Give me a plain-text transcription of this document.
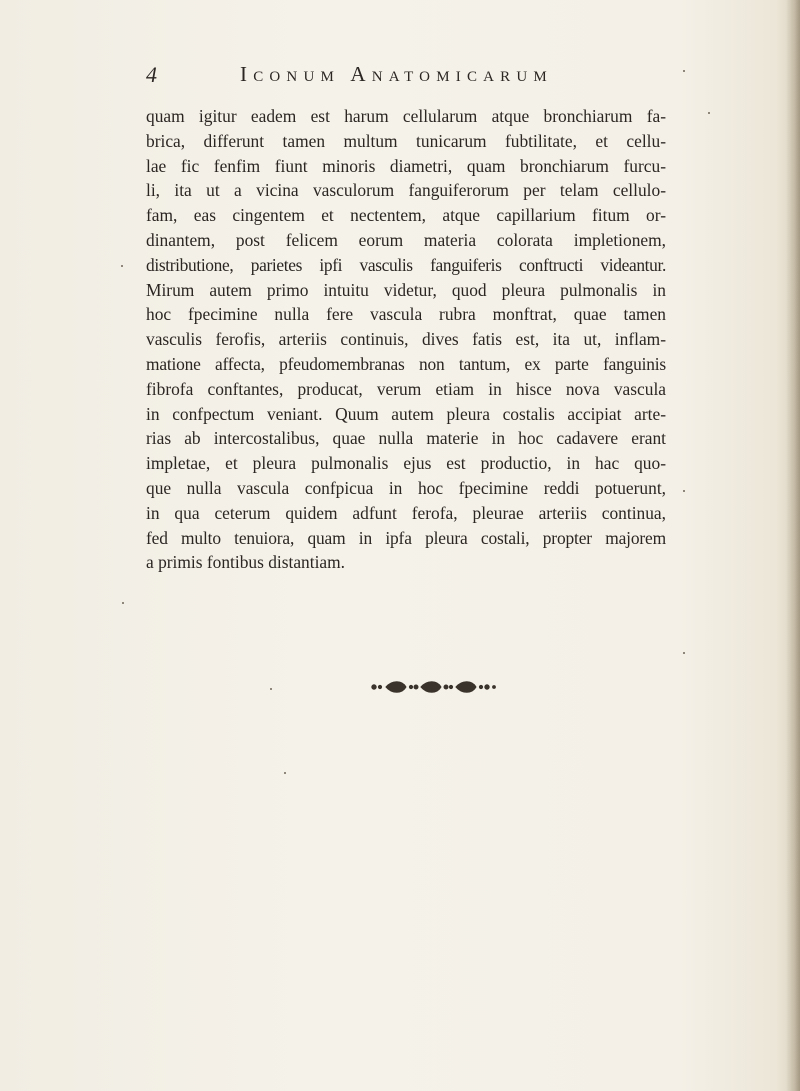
4	Iconum Anatomicarum
quam igitur eadem est harum cellularum atque bronchiarum fa-
brica, differunt tamen multum tunicarum fubtilitate, et cellu-
lae fic fenfim fiunt minoris diametri, quam bronchiarum furcu-
li, ita ut a vicina vasculorum fanguiferorum per telam cellulo-
fam, eas cingentem et nectentem, atque capillarium fitum or-
dinantem, post felicem eorum materia colorata impletionem,
distributione, parietes ipfi vasculis fanguiferis conftructi videantur.
Mirum autem primo intuitu videtur, quod pleura pulmonalis in
hoc fpecimine nulla fere vascula rubra monftrat, quae tamen
vasculis ferofis, arteriis continuis, dives fatis est, ita ut, inflam-
matione affecta, pfeudomembranas non tantum, ex parte fanguinis
fibrofa conftantes, producat, verum etiam in hisce nova vascula
in confpectum veniant. Quum autem pleura costalis accipiat arte-
rias ab intercostalibus, quae nulla materie in hoc cadavere erant
impletae, et pleura pulmonalis ejus est productio, in hac quo-
que nulla vascula confpicua in hoc fpecimine reddi potuerunt,
in qua ceterum quidem adfunt ferofa, pleurae arteriis continua,
fed multo tenuiora, quam in ipfa pleura costali, propter majorem
a primis fontibus distantiam.
